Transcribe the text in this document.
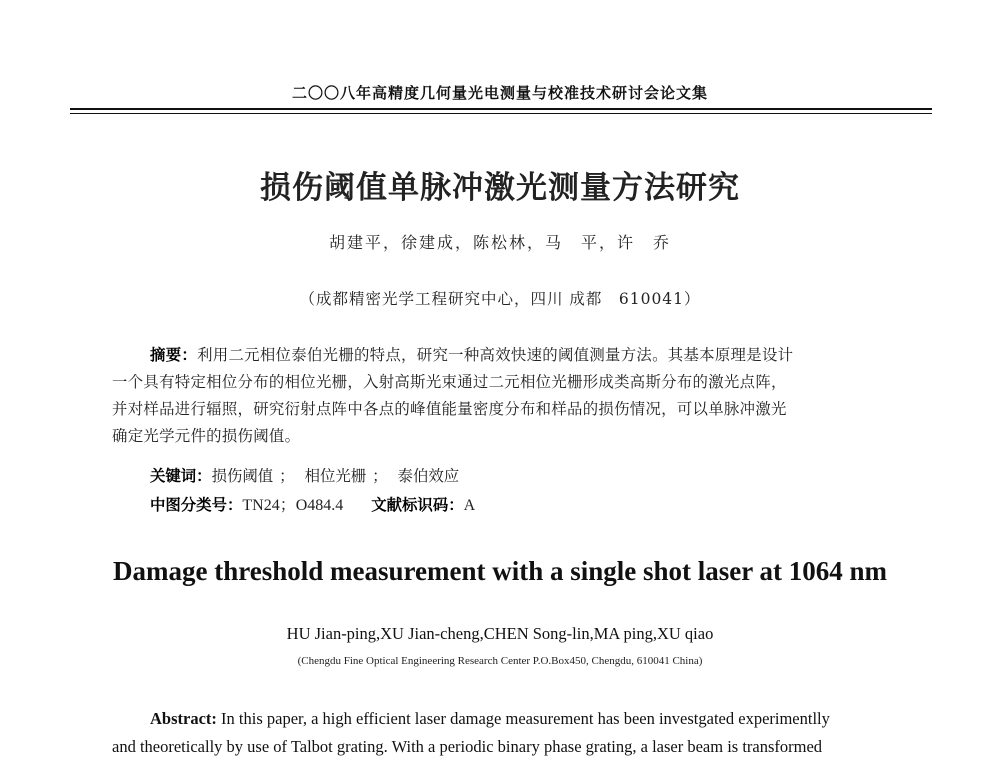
二〇〇八年高精度几何量光电测量与校准技术研讨会论文集
损伤阈值单脉冲激光测量方法研究
胡建平，徐建成，陈松林，马　平，许　乔
（成都精密光学工程研究中心，四川 成都　610041）
摘要：利用二元相位泰伯光栅的特点，研究一种高效快速的阈值测量方法。其基本原理是设计
一个具有特定相位分布的相位光栅，入射高斯光束通过二元相位光栅形成类高斯分布的激光点阵，
并对样品进行辐照，研究衍射点阵中各点的峰值能量密度分布和样品的损伤情况，可以单脉冲激光
确定光学元件的损伤阈值。
关键词：损伤阈值 ； 相位光栅 ； 泰伯效应
中图分类号：TN24；O484.4 文献标识码：A
Damage threshold measurement with a single shot laser at 1064 nm
HU Jian-ping,XU Jian-cheng,CHEN Song-lin,MA ping,XU qiao
(Chengdu Fine Optical Engineering Research Center P.O.Box450, Chengdu, 610041 China)
Abstract: In this paper, a high efficient laser damage measurement has been investgated experimentlly
and theoretically by use of Talbot grating. With a periodic binary phase grating, a laser beam is transformed
